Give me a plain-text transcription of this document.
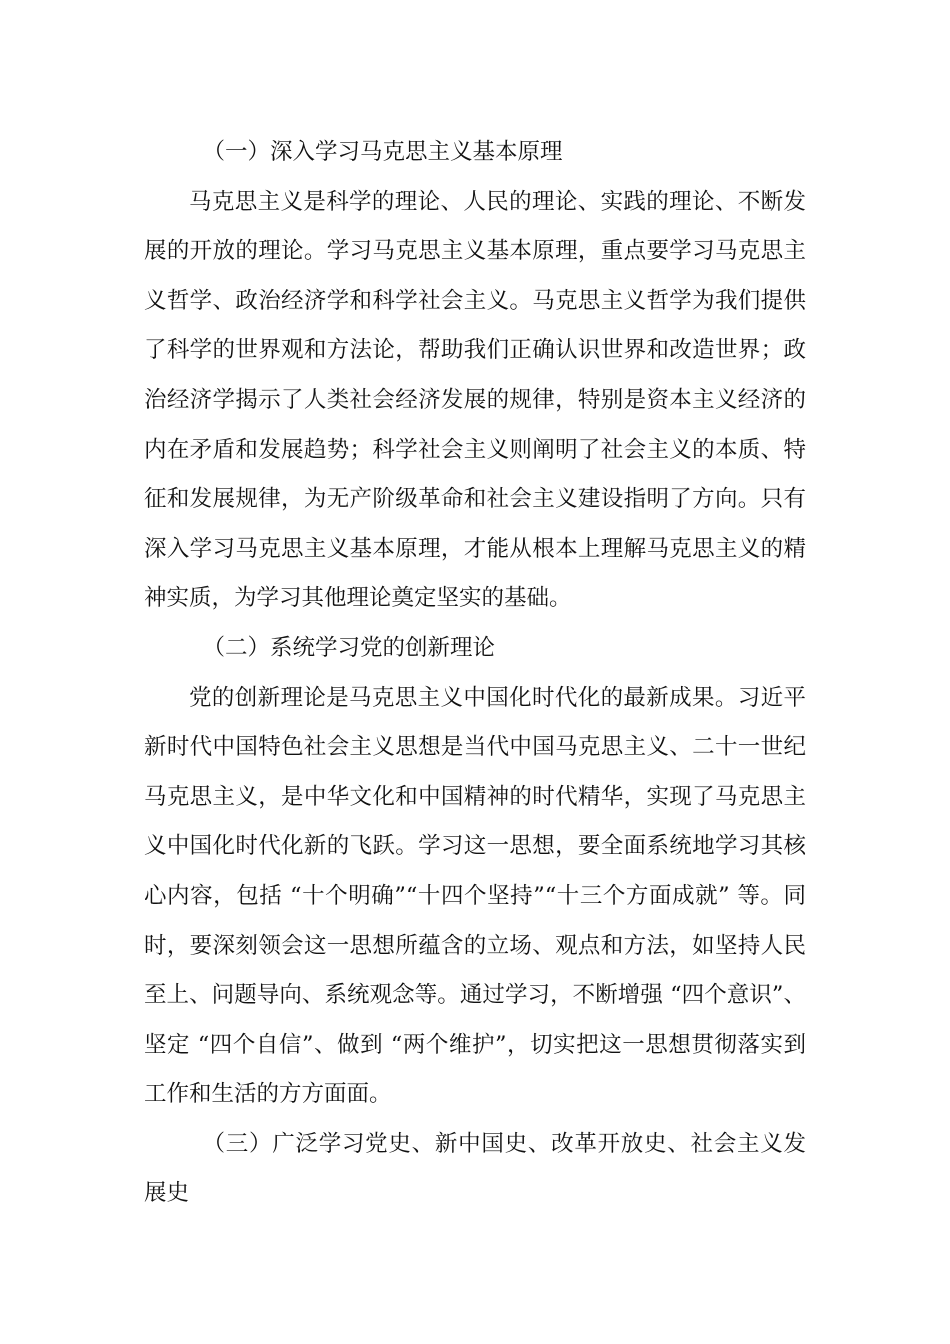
（一）深入学习马克思主义基本原理

马克思主义是科学的理论、人民的理论、实践的理论、不断发展的开放的理论。学习马克思主义基本原理，重点要学习马克思主义哲学、政治经济学和科学社会主义。马克思主义哲学为我们提供了科学的世界观和方法论，帮助我们正确认识世界和改造世界；政治经济学揭示了人类社会经济发展的规律，特别是资本主义经济的内在矛盾和发展趋势；科学社会主义则阐明了社会主义的本质、特征和发展规律，为无产阶级革命和社会主义建设指明了方向。只有深入学习马克思主义基本原理，才能从根本上理解马克思主义的精神实质，为学习其他理论奠定坚实的基础。

（二）系统学习党的创新理论

党的创新理论是马克思主义中国化时代化的最新成果。习近平新时代中国特色社会主义思想是当代中国马克思主义、二十一世纪马克思主义，是中华文化和中国精神的时代精华，实现了马克思主义中国化时代化新的飞跃。学习这一思想，要全面系统地学习其核心内容，包括 “十个明确”“十四个坚持”“十三个方面成就” 等。同时，要深刻领会这一思想所蕴含的立场、观点和方法，如坚持人民至上、问题导向、系统观念等。通过学习，不断增强 “四个意识”、坚定 “四个自信”、做到 “两个维护”，切实把这一思想贯彻落实到工作和生活的方方面面。

（三）广泛学习党史、新中国史、改革开放史、社会主义发展史
